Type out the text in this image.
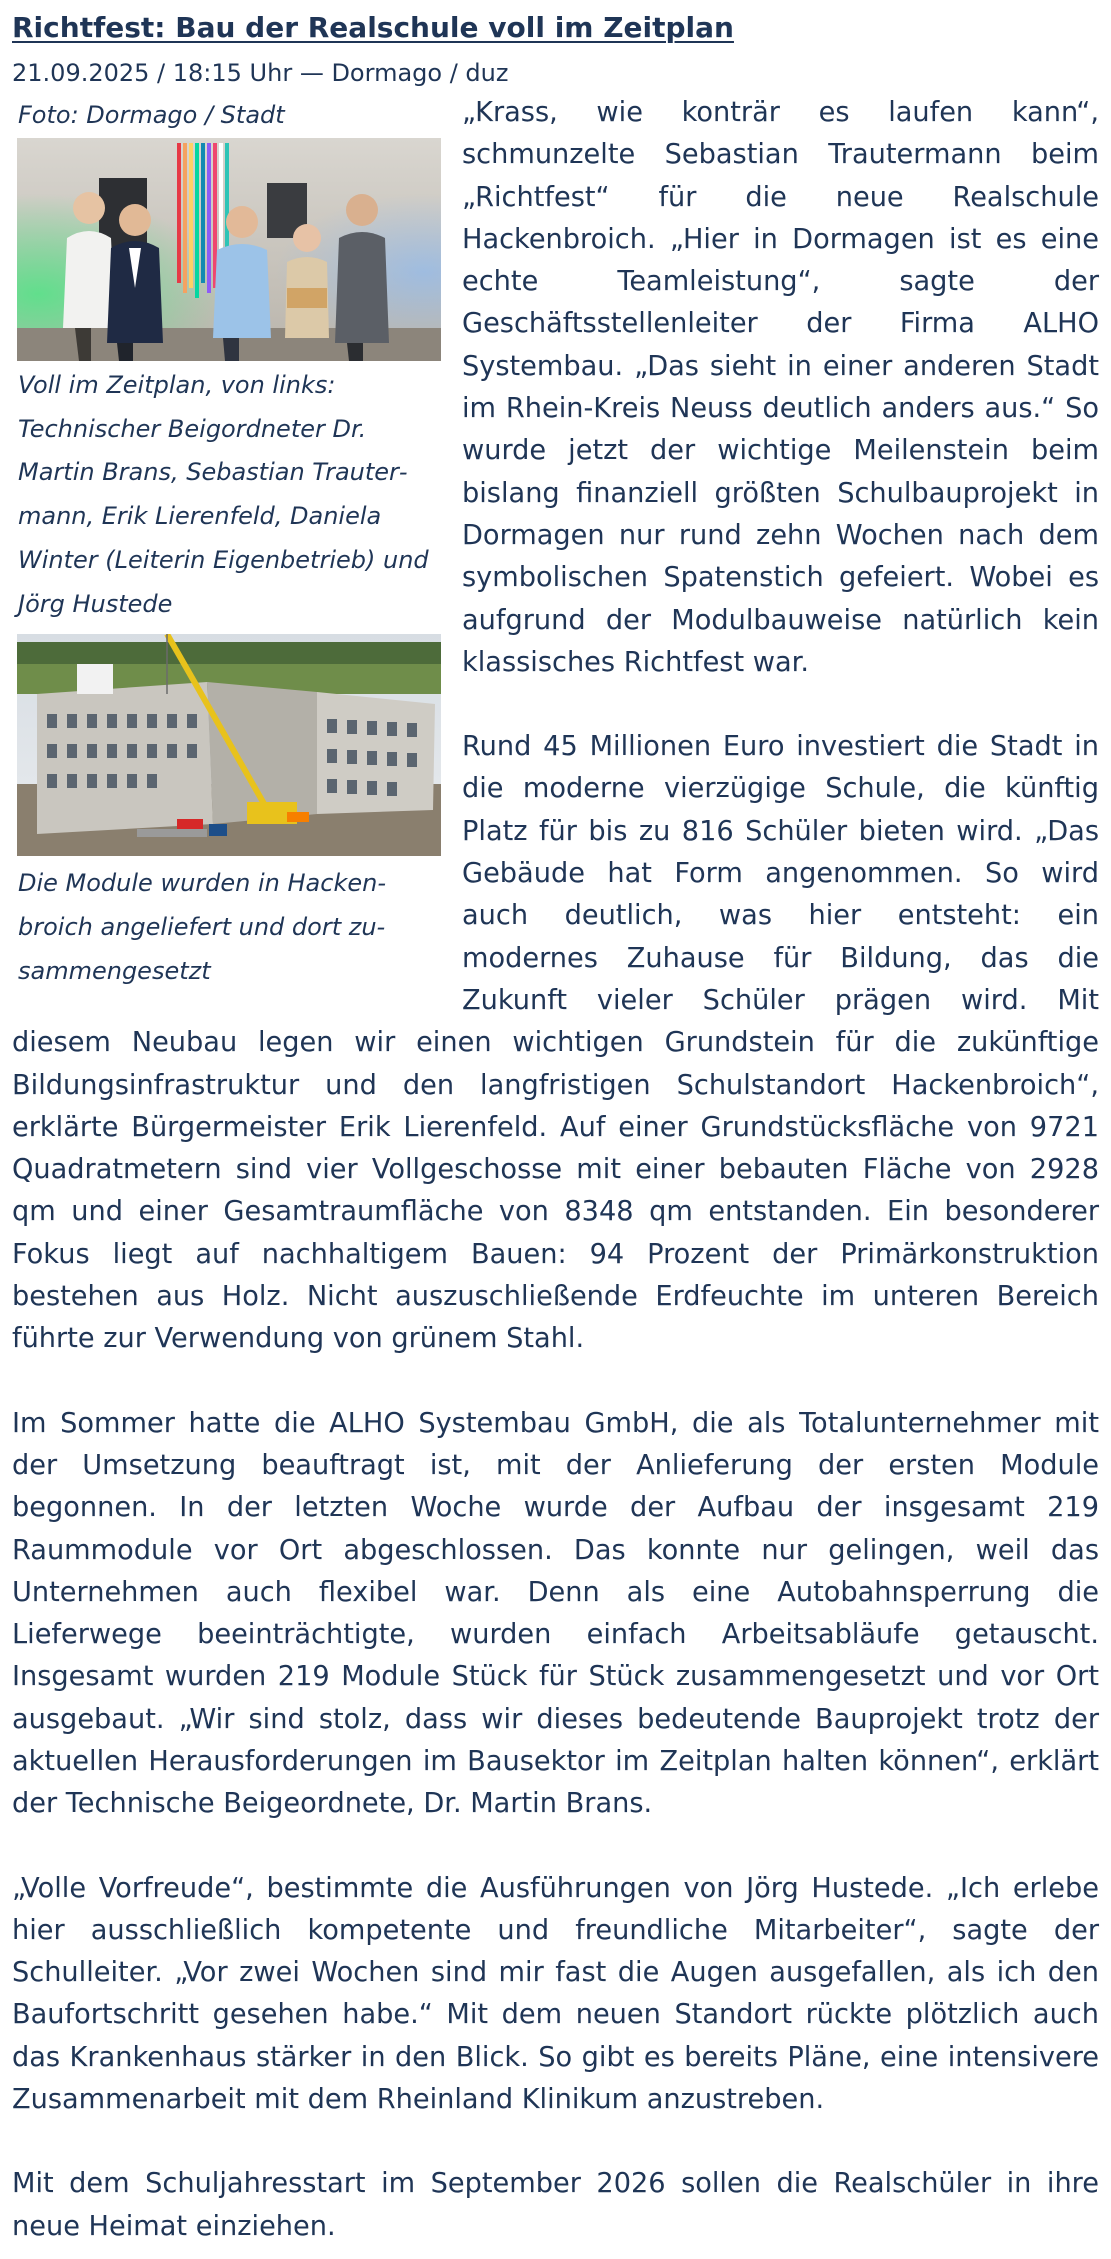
Richtfest: Bau der Realschule voll im Zeitplan
21.09.2025 / 18:15 Uhr — Dormago / duz
Foto: Dormago / Stadt
Voll im Zeitplan, von links: Technischer Beigordneter Dr. Martin Brans, Sebastian Trautermann, Erik Lierenfeld, Daniela Winter (Leiterin Eigenbetrieb) und Jörg Hustede
Die Module wurden in Hackenbroich angeliefert und dort zusammengesetzt

„Krass, wie konträr es laufen kann“, schmunzelte Sebastian Trautermann beim „Richtfest“ für die neue Realschule Hackenbroich. „Hier in Dormagen ist es eine echte Teamleistung“, sagte der Geschäftsstellenleiter der Firma ALHO Systembau. „Das sieht in einer anderen Stadt im Rhein-Kreis Neuss deutlich anders aus.“ So wurde jetzt der wichtige Meilenstein beim bislang finanziell größten Schulbauprojekt in Dormagen nur rund zehn Wochen nach dem symbolischen Spatenstich gefeiert. Wobei es aufgrund der Modulbauweise natürlich kein klassisches Richtfest war.

Rund 45 Millionen Euro investiert die Stadt in die moderne vierzügige Schule, die künftig Platz für bis zu 816 Schüler bieten wird. „Das Gebäude hat Form angenommen. So wird auch deutlich, was hier entsteht: ein modernes Zuhause für Bildung, das die Zukunft vieler Schüler prägen wird. Mit diesem Neubau legen wir einen wichtigen Grundstein für die zukünftige Bildungsinfrastruktur und den langfristigen Schulstandort Hackenbroich“, erklärte Bürgermeister Erik Lierenfeld. Auf einer Grundstücksfläche von 9721 Quadratmetern sind vier Vollgeschosse mit einer bebauten Fläche von 2928 qm und einer Gesamtraumfläche von 8348 qm entstanden. Ein besonderer Fokus liegt auf nachhaltigem Bauen: 94 Prozent der Primärkonstruktion bestehen aus Holz. Nicht auszuschließende Erdfeuchte im unteren Bereich führte zur Verwendung von grünem Stahl.

Im Sommer hatte die ALHO Systembau GmbH, die als Totalunternehmer mit der Umsetzung beauftragt ist, mit der Anlieferung der ersten Module begonnen. In der letzten Woche wurde der Aufbau der insgesamt 219 Raummodule vor Ort abgeschlossen. Das konnte nur gelingen, weil das Unternehmen auch flexibel war. Denn als eine Autobahnsperrung die Lieferwege beeinträchtigte, wurden einfach Arbeitsabläufe getauscht. Insgesamt wurden 219 Module Stück für Stück zusammengesetzt und vor Ort ausgebaut. „Wir sind stolz, dass wir dieses bedeutende Bauprojekt trotz der aktuellen Herausforderungen im Bausektor im Zeitplan halten können“, erklärt der Technische Beigeordnete, Dr. Martin Brans.

„Volle Vorfreude“, bestimmte die Ausführungen von Jörg Hustede. „Ich erlebe hier ausschließlich kompetente und freundliche Mitarbeiter“, sagte der Schulleiter. „Vor zwei Wochen sind mir fast die Augen ausgefallen, als ich den Baufortschritt gesehen habe.“ Mit dem neuen Standort rückte plötzlich auch das Krankenhaus stärker in den Blick. So gibt es bereits Pläne, eine intensivere Zusammenarbeit mit dem Rheinland Klinikum anzustreben.

Mit dem Schuljahresstart im September 2026 sollen die Realschüler in ihre neue Heimat einziehen.
